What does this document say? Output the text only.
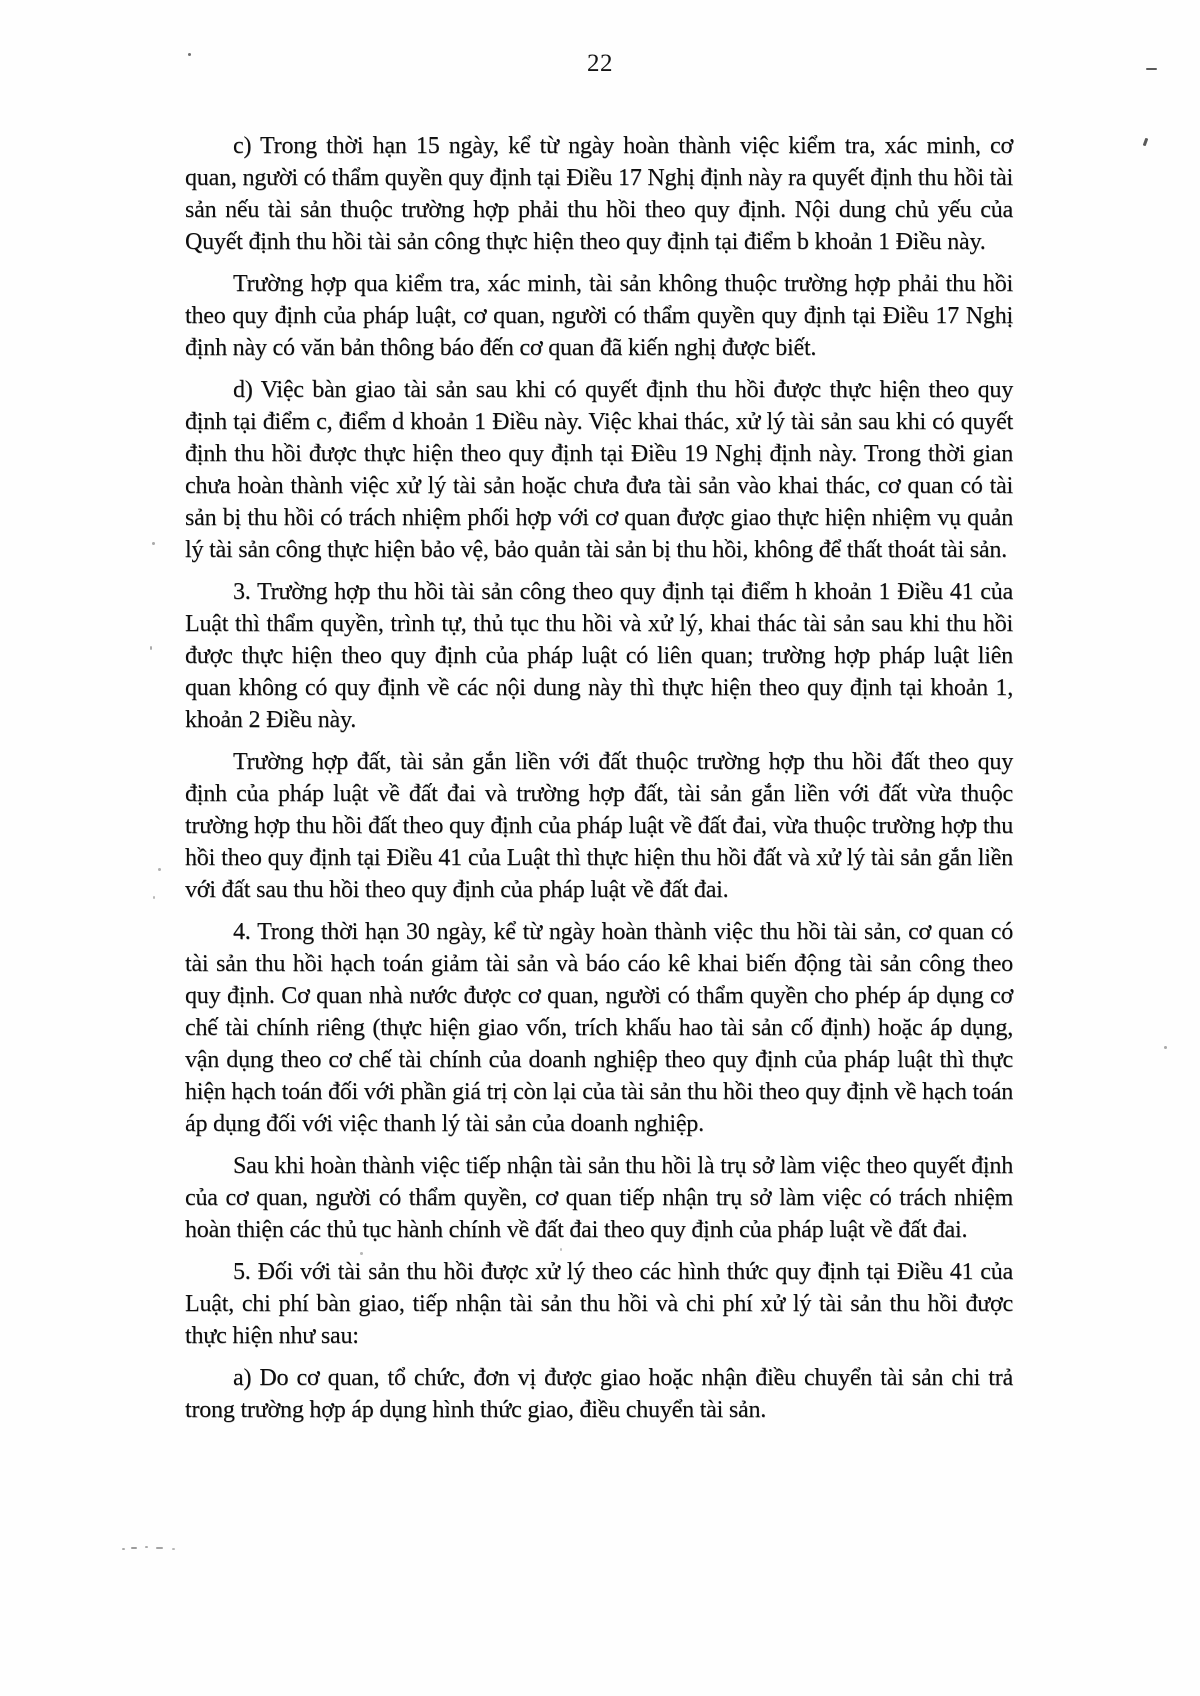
22

c) Trong thời hạn 15 ngày, kể từ ngày hoàn thành việc kiểm tra, xác minh, cơ quan, người có thẩm quyền quy định tại Điều 17 Nghị định này ra quyết định thu hồi tài sản nếu tài sản thuộc trường hợp phải thu hồi theo quy định. Nội dung chủ yếu của Quyết định thu hồi tài sản công thực hiện theo quy định tại điểm b khoản 1 Điều này.

Trường hợp qua kiểm tra, xác minh, tài sản không thuộc trường hợp phải thu hồi theo quy định của pháp luật, cơ quan, người có thẩm quyền quy định tại Điều 17 Nghị định này có văn bản thông báo đến cơ quan đã kiến nghị được biết.

d) Việc bàn giao tài sản sau khi có quyết định thu hồi được thực hiện theo quy định tại điểm c, điểm d khoản 1 Điều này. Việc khai thác, xử lý tài sản sau khi có quyết định thu hồi được thực hiện theo quy định tại Điều 19 Nghị định này. Trong thời gian chưa hoàn thành việc xử lý tài sản hoặc chưa đưa tài sản vào khai thác, cơ quan có tài sản bị thu hồi có trách nhiệm phối hợp với cơ quan được giao thực hiện nhiệm vụ quản lý tài sản công thực hiện bảo vệ, bảo quản tài sản bị thu hồi, không để thất thoát tài sản.

3. Trường hợp thu hồi tài sản công theo quy định tại điểm h khoản 1 Điều 41 của Luật thì thẩm quyền, trình tự, thủ tục thu hồi và xử lý, khai thác tài sản sau khi thu hồi được thực hiện theo quy định của pháp luật có liên quan; trường hợp pháp luật liên quan không có quy định về các nội dung này thì thực hiện theo quy định tại khoản 1, khoản 2 Điều này.

Trường hợp đất, tài sản gắn liền với đất thuộc trường hợp thu hồi đất theo quy định của pháp luật về đất đai và trường hợp đất, tài sản gắn liền với đất vừa thuộc trường hợp thu hồi đất theo quy định của pháp luật về đất đai, vừa thuộc trường hợp thu hồi theo quy định tại Điều 41 của Luật thì thực hiện thu hồi đất và xử lý tài sản gắn liền với đất sau thu hồi theo quy định của pháp luật về đất đai.

4. Trong thời hạn 30 ngày, kể từ ngày hoàn thành việc thu hồi tài sản, cơ quan có tài sản thu hồi hạch toán giảm tài sản và báo cáo kê khai biến động tài sản công theo quy định. Cơ quan nhà nước được cơ quan, người có thẩm quyền cho phép áp dụng cơ chế tài chính riêng (thực hiện giao vốn, trích khấu hao tài sản cố định) hoặc áp dụng, vận dụng theo cơ chế tài chính của doanh nghiệp theo quy định của pháp luật thì thực hiện hạch toán đối với phần giá trị còn lại của tài sản thu hồi theo quy định về hạch toán áp dụng đối với việc thanh lý tài sản của doanh nghiệp.

Sau khi hoàn thành việc tiếp nhận tài sản thu hồi là trụ sở làm việc theo quyết định của cơ quan, người có thẩm quyền, cơ quan tiếp nhận trụ sở làm việc có trách nhiệm hoàn thiện các thủ tục hành chính về đất đai theo quy định của pháp luật về đất đai.

5. Đối với tài sản thu hồi được xử lý theo các hình thức quy định tại Điều 41 của Luật, chi phí bàn giao, tiếp nhận tài sản thu hồi và chi phí xử lý tài sản thu hồi được thực hiện như sau:

a) Do cơ quan, tổ chức, đơn vị được giao hoặc nhận điều chuyển tài sản chi trả trong trường hợp áp dụng hình thức giao, điều chuyển tài sản.
